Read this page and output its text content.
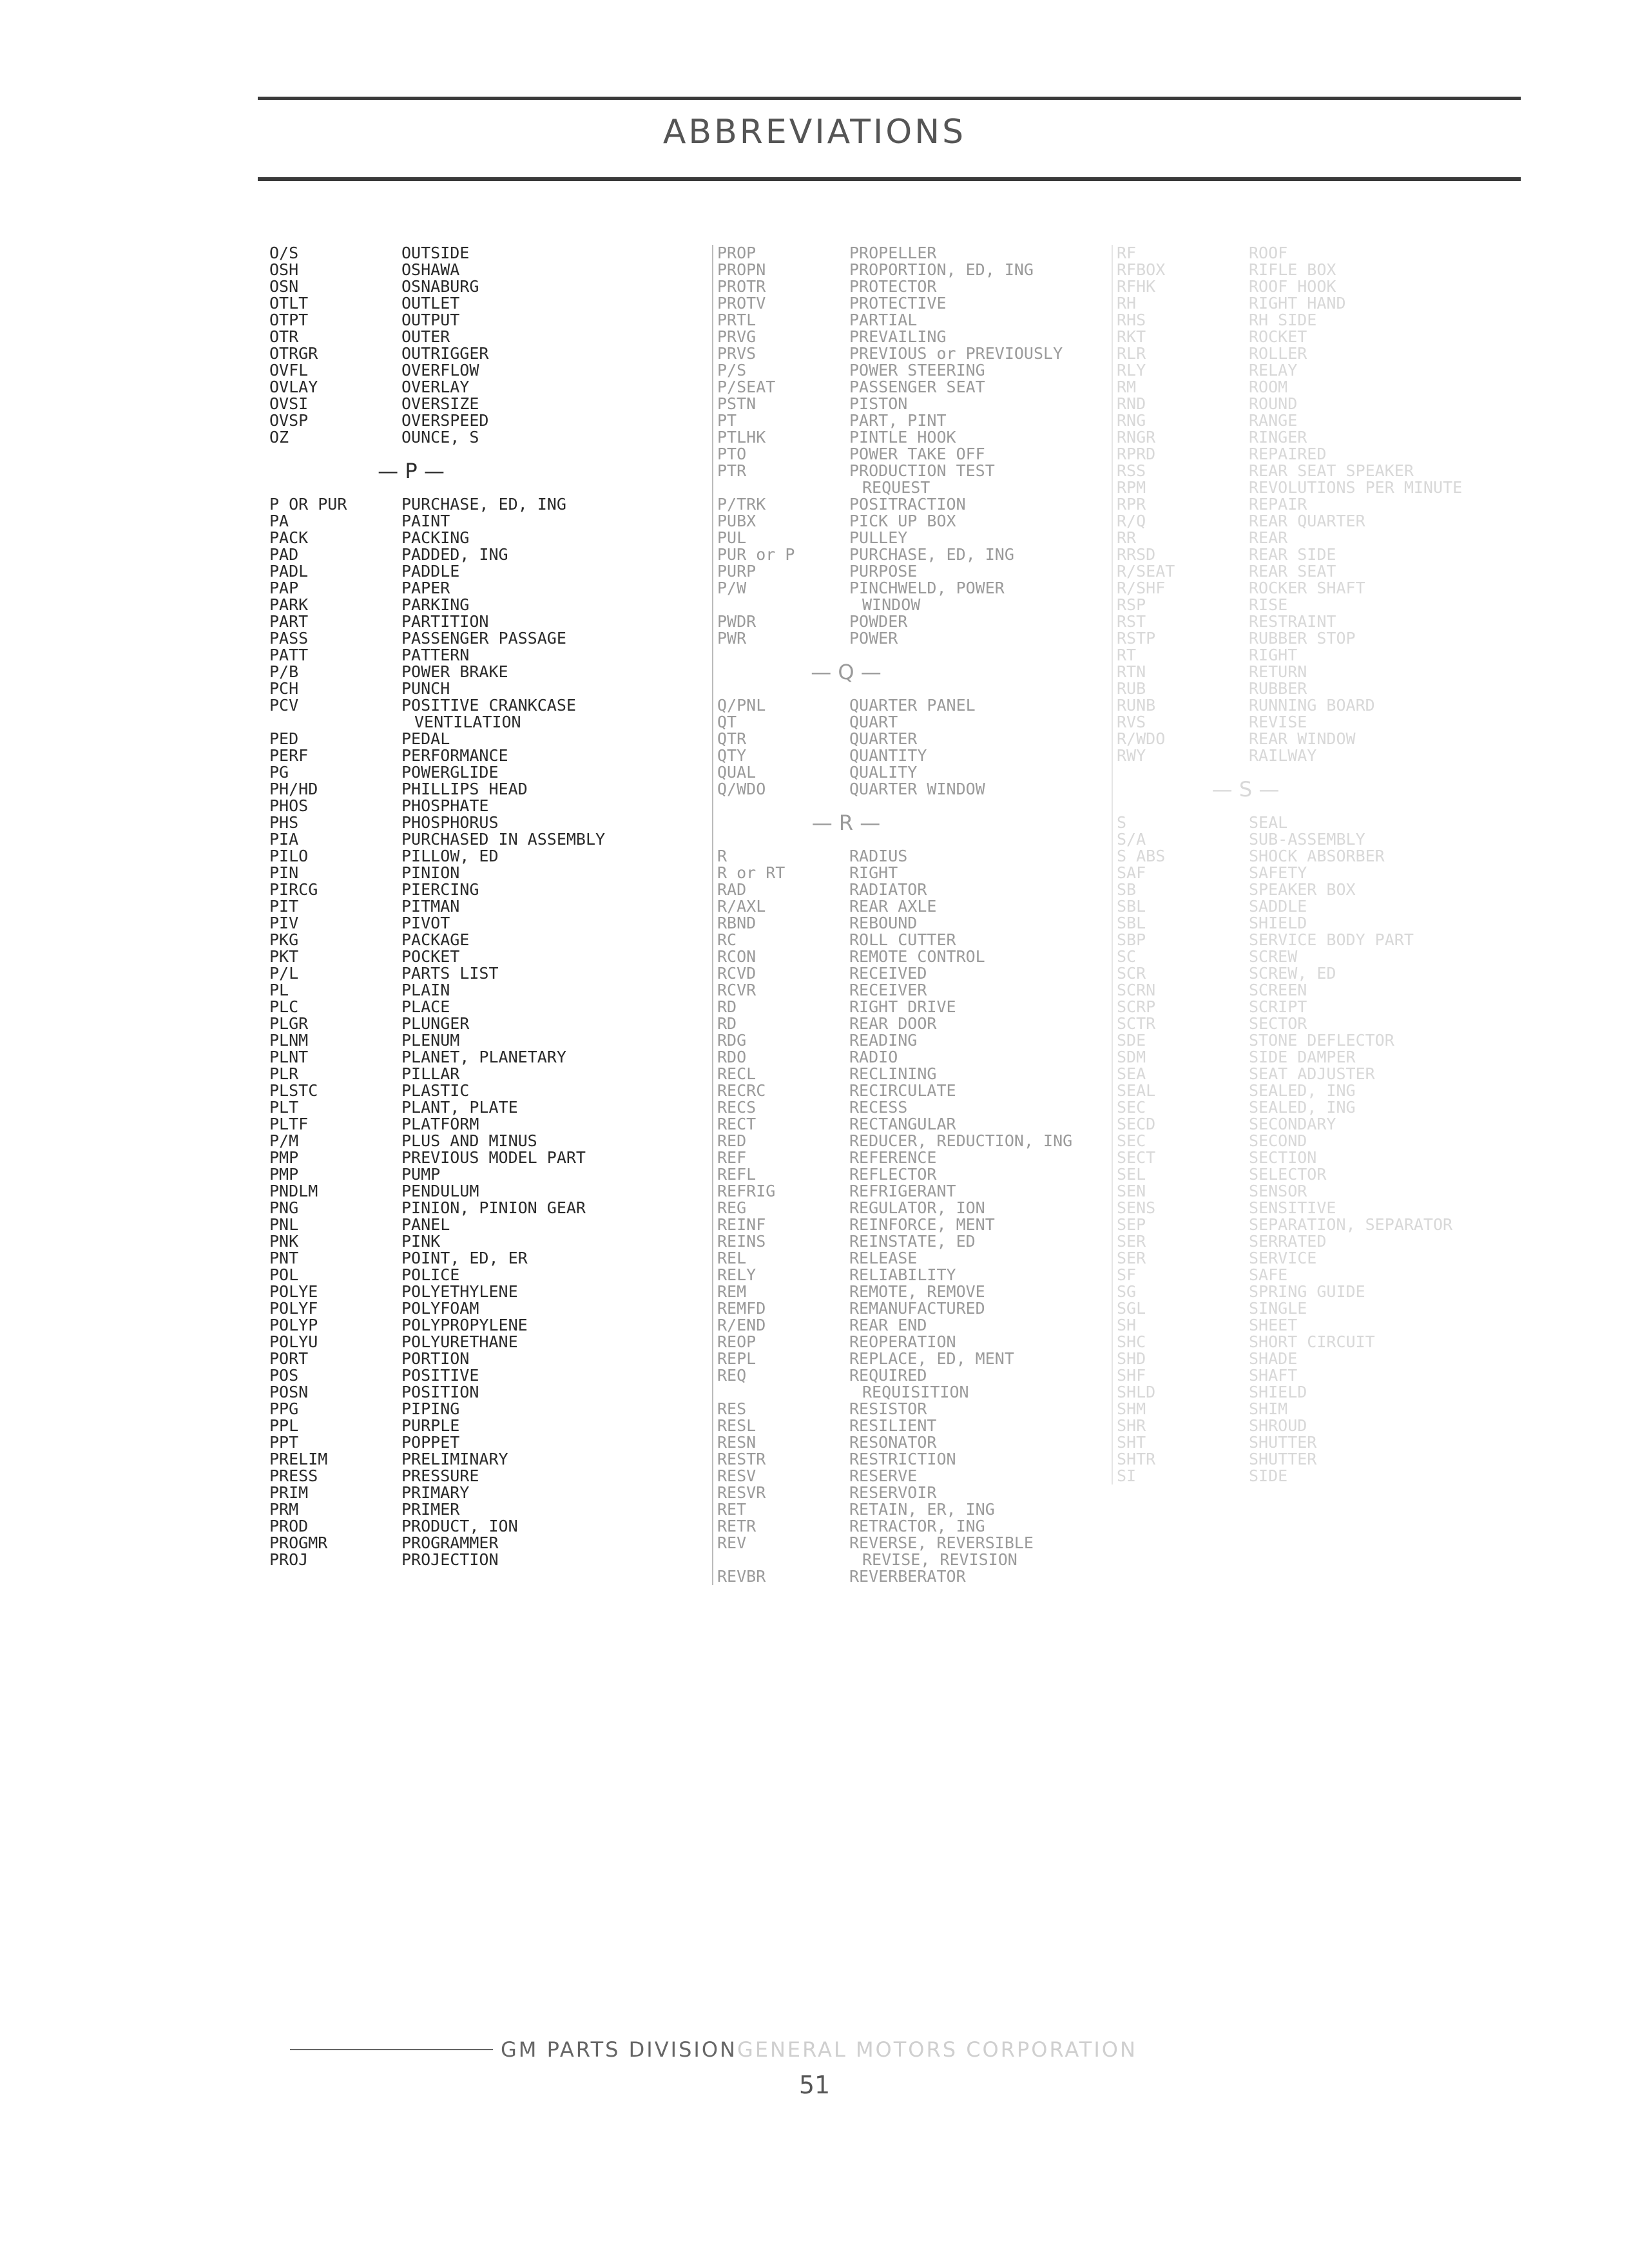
ABBREVIATIONS
O/S	OUTSIDE
OSH	OSHAWA
OSN	OSNABURG
OTLT	OUTLET
OTPT	OUTPUT
OTR	OUTER
OTRGR	OUTRIGGER
OVFL	OVERFLOW
OVLAY	OVERLAY
OVSI	OVERSIZE
OVSP	OVERSPEED
OZ	OUNCE, S
— P —
P OR PUR	PURCHASE, ED, ING
PA	PAINT
PACK	PACKING
PAD	PADDED, ING
PADL	PADDLE
PAP	PAPER
PARK	PARKING
PART	PARTITION
PASS	PASSENGER PASSAGE
PATT	PATTERN
P/B	POWER BRAKE
PCH	PUNCH
PCV	POSITIVE CRANKCASE
VENTILATION
PED	PEDAL
PERF	PERFORMANCE
PG	POWERGLIDE
PH/HD	PHILLIPS HEAD
PHOS	PHOSPHATE
PHS	PHOSPHORUS
PIA	PURCHASED IN ASSEMBLY
PILO	PILLOW, ED
PIN	PINION
PIRCG	PIERCING
PIT	PITMAN
PIV	PIVOT
PKG	PACKAGE
PKT	POCKET
P/L	PARTS LIST
PL	PLAIN
PLC	PLACE
PLGR	PLUNGER
PLNM	PLENUM
PLNT	PLANET, PLANETARY
PLR	PILLAR
PLSTC	PLASTIC
PLT	PLANT, PLATE
PLTF	PLATFORM
P/M	PLUS AND MINUS
PMP	PREVIOUS MODEL PART
PMP	PUMP
PNDLM	PENDULUM
PNG	PINION, PINION GEAR
PNL	PANEL
PNK	PINK
PNT	POINT, ED, ER
POL	POLICE
POLYE	POLYETHYLENE
POLYF	POLYFOAM
POLYP	POLYPROPYLENE
POLYU	POLYURETHANE
PORT	PORTION
POS	POSITIVE
POSN	POSITION
PPG	PIPING
PPL	PURPLE
PPT	POPPET
PRELIM	PRELIMINARY
PRESS	PRESSURE
PRIM	PRIMARY
PRM	PRIMER
PROD	PRODUCT, ION
PROGMR	PROGRAMMER
PROJ	PROJECTION
PROP	PROPELLER
PROPN	PROPORTION, ED, ING
PROTR	PROTECTOR
PROTV	PROTECTIVE
PRTL	PARTIAL
PRVG	PREVAILING
PRVS	PREVIOUS or PREVIOUSLY
P/S	POWER STEERING
P/SEAT	PASSENGER SEAT
PSTN	PISTON
PT	PART, PINT
PTLHK	PINTLE HOOK
PTO	POWER TAKE OFF
PTR	PRODUCTION TEST
REQUEST
P/TRK	POSITRACTION
PUBX	PICK UP BOX
PUL	PULLEY
PUR or P	PURCHASE, ED, ING
PURP	PURPOSE
P/W	PINCHWELD, POWER
WINDOW
PWDR	POWDER
PWR	POWER
— Q —
Q/PNL	QUARTER PANEL
QT	QUART
QTR	QUARTER
QTY	QUANTITY
QUAL	QUALITY
Q/WDO	QUARTER WINDOW
— R —
R	RADIUS
R or RT	RIGHT
RAD	RADIATOR
R/AXL	REAR AXLE
RBND	REBOUND
RC	ROLL CUTTER
RCON	REMOTE CONTROL
RCVD	RECEIVED
RCVR	RECEIVER
RD	RIGHT DRIVE
RD	REAR DOOR
RDG	READING
RDO	RADIO
RECL	RECLINING
RECRC	RECIRCULATE
RECS	RECESS
RECT	RECTANGULAR
RED	REDUCER, REDUCTION, ING
REF	REFERENCE
REFL	REFLECTOR
REFRIG	REFRIGERANT
REG	REGULATOR, ION
REINF	REINFORCE, MENT
REINS	REINSTATE, ED
REL	RELEASE
RELY	RELIABILITY
REM	REMOTE, REMOVE
REMFD	REMANUFACTURED
R/END	REAR END
REOP	REOPERATION
REPL	REPLACE, ED, MENT
REQ	REQUIRED
REQUISITION
RES	RESISTOR
RESL	RESILIENT
RESN	RESONATOR
RESTR	RESTRICTION
RESV	RESERVE
RESVR	RESERVOIR
RET	RETAIN, ER, ING
RETR	RETRACTOR, ING
REV	REVERSE, REVERSIBLE
REVISE, REVISION
REVBR	REVERBERATOR
RF	ROOF
RFBOX	RIFLE BOX
RFHK	ROOF HOOK
RH	RIGHT HAND
RHS	RH SIDE
RKT	ROCKET
RLR	ROLLER
RLY	RELAY
RM	ROOM
RND	ROUND
RNG	RANGE
RNGR	RINGER
RPRD	REPAIRED
RSS	REAR SEAT SPEAKER
RPM	REVOLUTIONS PER MINUTE
RPR	REPAIR
R/Q	REAR QUARTER
RR	REAR
RRSD	REAR SIDE
R/SEAT	REAR SEAT
R/SHF	ROCKER SHAFT
RSP	RISE
RST	RESTRAINT
RSTP	RUBBER STOP
RT	RIGHT
RTN	RETURN
RUB	RUBBER
RUNB	RUNNING BOARD
RVS	REVISE
R/WDO	REAR WINDOW
RWY	RAILWAY
— S —
S	SEAL
S/A	SUB-ASSEMBLY
S ABS	SHOCK ABSORBER
SAF	SAFETY
SB	SPEAKER BOX
SBL	SADDLE
SBL	SHIELD
SBP	SERVICE BODY PART
SC	SCREW
SCR	SCREW, ED
SCRN	SCREEN
SCRP	SCRIPT
SCTR	SECTOR
SDE	STONE DEFLECTOR
SDM	SIDE DAMPER
SEA	SEAT ADJUSTER
SEAL	SEALED, ING
SEC	SEALED, ING
SECD	SECONDARY
SEC	SECOND
SECT	SECTION
SEL	SELECTOR
SEN	SENSOR
SENS	SENSITIVE
SEP	SEPARATION, SEPARATOR
SER	SERRATED
SER	SERVICE
SF	SAFE
SG	SPRING GUIDE
SGL	SINGLE
SH	SHEET
SHC	SHORT CIRCUIT
SHD	SHADE
SHF	SHAFT
SHLD	SHIELD
SHM	SHIM
SHR	SHROUD
SHT	SHUTTER
SHTR	SHUTTER
SI	SIDE
GM PARTS DIVISION GENERAL MOTORS CORPORATION
51
